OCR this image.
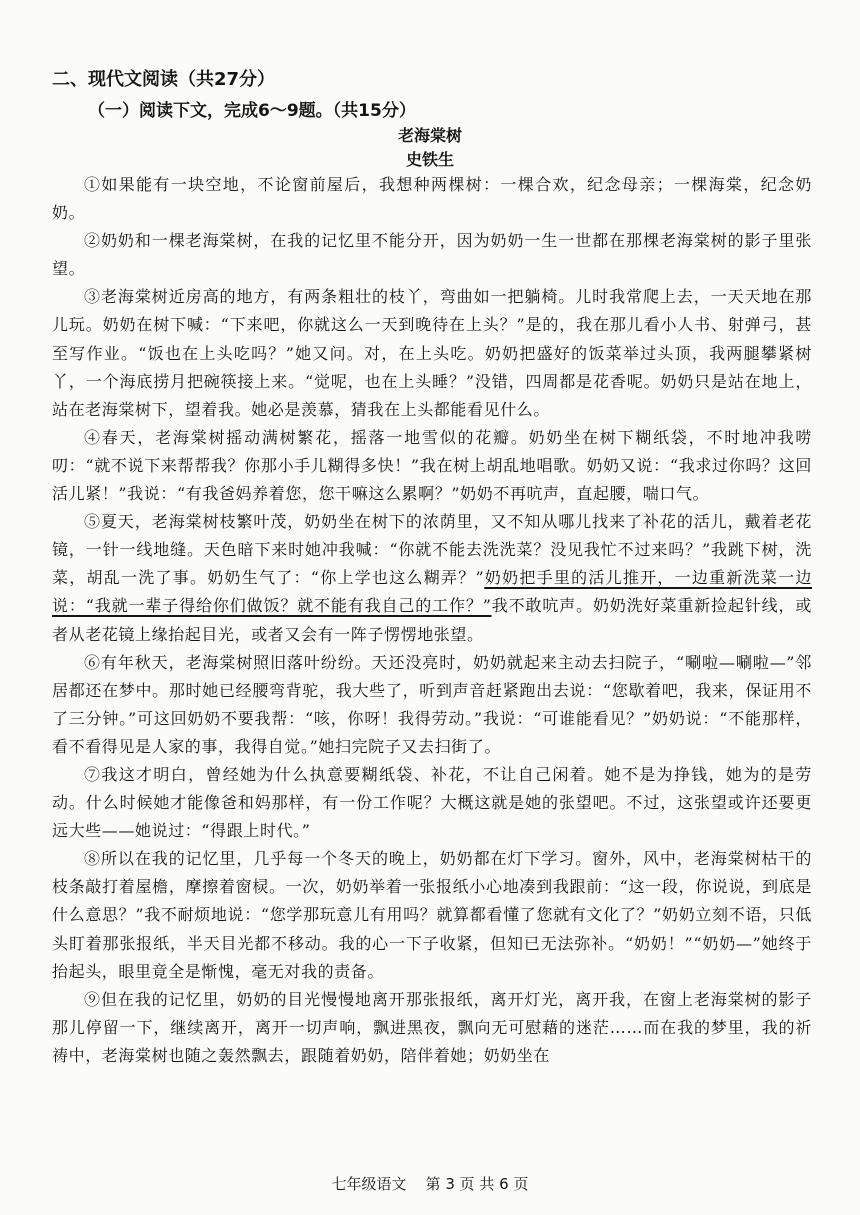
二、现代文阅读（共27分）
（一）阅读下文，完成6～9题。（共15分）
老海棠树
史铁生

①如果能有一块空地，不论窗前屋后，我想种两棵树：一棵合欢，纪念母亲；一棵海棠，纪念奶奶。

②奶奶和一棵老海棠树，在我的记忆里不能分开，因为奶奶一生一世都在那棵老海棠树的影子里张望。

③老海棠树近房高的地方，有两条粗壮的枝丫，弯曲如一把躺椅。儿时我常爬上去，一天天地在那儿玩。奶奶在树下喊：“下来吧，你就这么一天到晚待在上头？”是的，我在那儿看小人书、射弹弓，甚至写作业。“饭也在上头吃吗？”她又问。对，在上头吃。奶奶把盛好的饭菜举过头顶，我两腿攀紧树丫，一个海底捞月把碗筷接上来。“觉呢，也在上头睡？”没错，四周都是花香呢。奶奶只是站在地上，站在老海棠树下，望着我。她必是羡慕，猜我在上头都能看见什么。

④春天，老海棠树摇动满树繁花，摇落一地雪似的花瓣。奶奶坐在树下糊纸袋，不时地冲我唠叨：“就不说下来帮帮我？你那小手儿糊得多快！”我在树上胡乱地唱歌。奶奶又说：“我求过你吗？这回活儿紧！”我说：“有我爸妈养着您，您干嘛这么累啊？”奶奶不再吭声，直起腰，喘口气。

⑤夏天，老海棠树枝繁叶茂，奶奶坐在树下的浓荫里，又不知从哪儿找来了补花的活儿，戴着老花镜，一针一线地缝。天色暗下来时她冲我喊：“你就不能去洗洗菜？没见我忙不过来吗？”我跳下树，洗菜，胡乱一洗了事。奶奶生气了：“你上学也这么糊弄？”奶奶把手里的活儿推开，一边重新洗菜一边说：“我就一辈子得给你们做饭？就不能有我自己的工作？”我不敢吭声。奶奶洗好菜重新捡起针线，或者从老花镜上缘抬起目光，或者又会有一阵子愣愣地张望。

⑥有年秋天，老海棠树照旧落叶纷纷。天还没亮时，奶奶就起来主动去扫院子，“唰啦—唰啦—”邻居都还在梦中。那时她已经腰弯背驼，我大些了，听到声音赶紧跑出去说：“您歇着吧，我来，保证用不了三分钟。”可这回奶奶不要我帮：“咳，你呀！我得劳动。”我说：“可谁能看见？”奶奶说：“不能那样，看不看得见是人家的事，我得自觉。”她扫完院子又去扫街了。

⑦我这才明白，曾经她为什么执意要糊纸袋、补花，不让自己闲着。她不是为挣钱，她为的是劳动。什么时候她才能像爸和妈那样，有一份工作呢？大概这就是她的张望吧。不过，这张望或许还要更远大些——她说过：“得跟上时代。”

⑧所以在我的记忆里，几乎每一个冬天的晚上，奶奶都在灯下学习。窗外，风中，老海棠树枯干的枝条敲打着屋檐，摩擦着窗棂。一次，奶奶举着一张报纸小心地凑到我跟前：“这一段，你说说，到底是什么意思？”我不耐烦地说：“您学那玩意儿有用吗？就算都看懂了您就有文化了？”奶奶立刻不语，只低头盯着那张报纸，半天目光都不移动。我的心一下子收紧，但知已无法弥补。“奶奶！”“奶奶—”她终于抬起头，眼里竟全是惭愧，毫无对我的责备。

⑨但在我的记忆里，奶奶的目光慢慢地离开那张报纸，离开灯光，离开我，在窗上老海棠树的影子那儿停留一下，继续离开，离开一切声响，飘进黑夜，飘向无可慰藉的迷茫……而在我的梦里，我的祈祷中，老海棠树也随之轰然飘去，跟随着奶奶，陪伴着她；奶奶坐在

七年级语文    第 3 页 共 6 页
